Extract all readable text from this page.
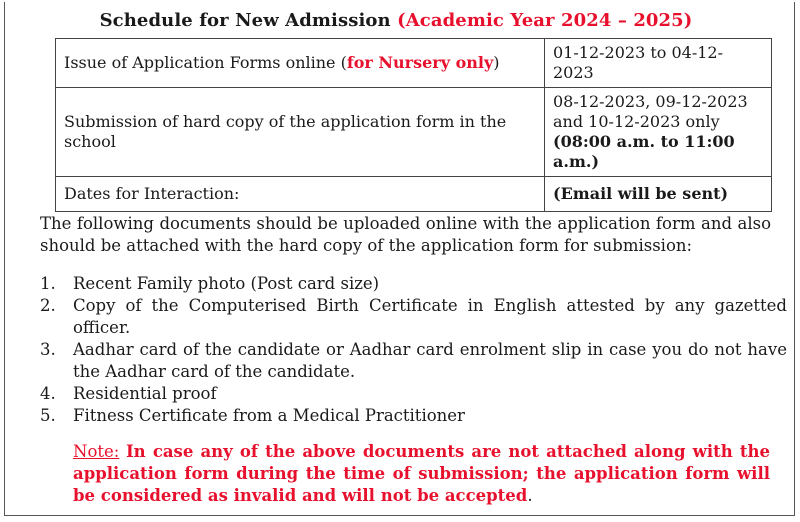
Schedule for New Admission (Academic Year 2024 – 2025)
Issue of Application Forms online (for Nursery only)	01-12-2023 to 04-12-2023
Submission of hard copy of the application form in the school	08-12-2023, 09-12-2023
and 10-12-2023 only
(08:00 a.m. to 11:00 a.m.)

Dates for Interaction:	(Email will be sent)
The following documents should be uploaded online with the application form and also should be attached with the hard copy of the application form for submission:
1.	Recent Family photo (Post card size)
2.	Copy of the Computerised Birth Certificate in English attested by any gazetted officer.
3.	Aadhar card of the candidate or Aadhar card enrolment slip in case you do not have the Aadhar card of the candidate.
4.	Residential proof
5.	Fitness Certificate from a Medical Practitioner
Note: In case any of the above documents are not attached along with the application form during the time of submission; the application form will be considered as invalid and will not be accepted.
